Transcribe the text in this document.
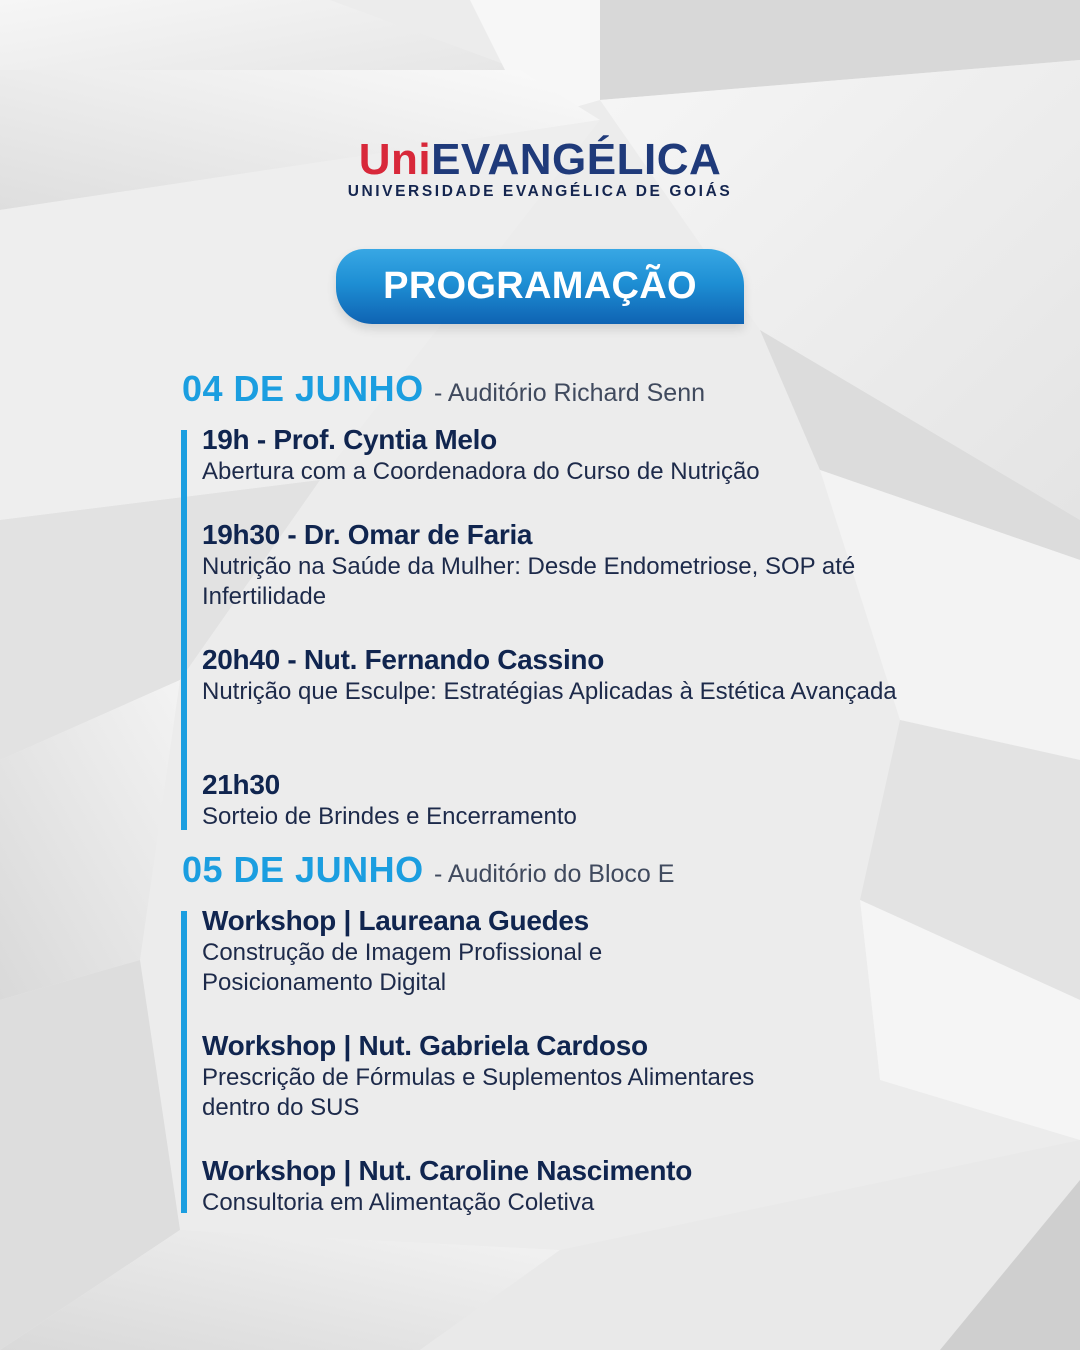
UniEVANGÉLICA
UNIVERSIDADE EVANGÉLICA DE GOIÁS
PROGRAMAÇÃO
04 DE JUNHO - Auditório Richard Senn
19h - Prof. Cyntia Melo
Abertura com a Coordenadora do Curso de Nutrição
19h30 - Dr. Omar de Faria
Nutrição na Saúde da Mulher: Desde Endometriose, SOP até Infertilidade
20h40 - Nut. Fernando Cassino
Nutrição que Esculpe: Estratégias Aplicadas à Estética Avançada
21h30
Sorteio de Brindes e Encerramento
05 DE JUNHO - Auditório do Bloco E
Workshop | Laureana Guedes
Construção de Imagem Profissional e Posicionamento Digital
Workshop | Nut. Gabriela Cardoso
Prescrição de Fórmulas e Suplementos Alimentares dentro do SUS
Workshop | Nut. Caroline Nascimento
Consultoria em Alimentação Coletiva
